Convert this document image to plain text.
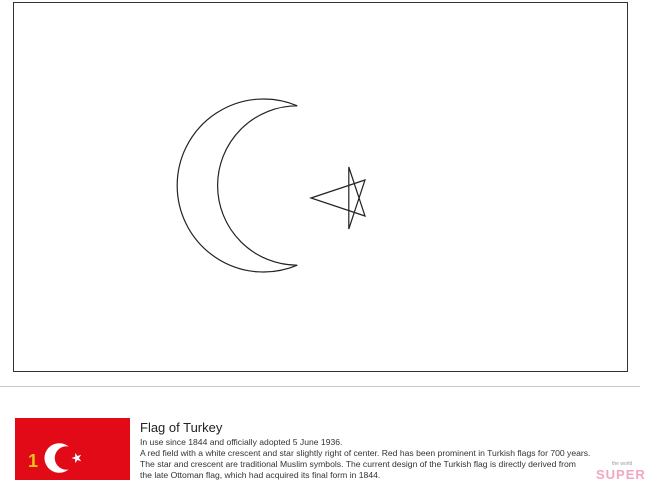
1
Flag of Turkey
In use since 1844 and officially adopted 5 June 1936.
A red field with a white crescent and star slightly right of center. Red has been prominent in Turkish flags for 700 years.
The star and crescent are traditional Muslim symbols. The current design of the Turkish flag is directly derived from
the late Ottoman flag, which had acquired its final form in 1844.
the world
SUPER
